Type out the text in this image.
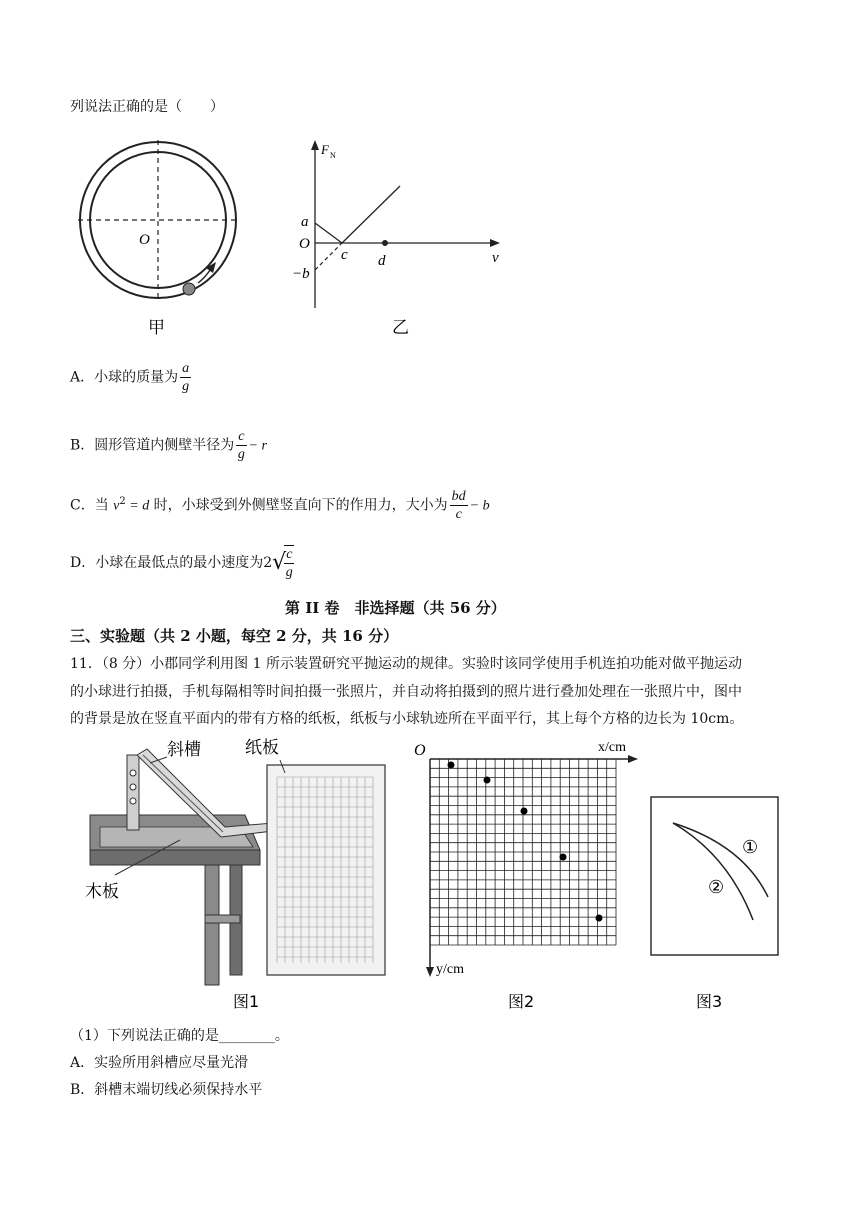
列说法正确的是（　　）
O
甲
F N
a
O
−b
c d	v
乙
A．小球的质量为 $\frac{a}{g}$
B．圆形管道内侧壁半径为 $\frac{c}{g} - r$
C．当 $v^2 = d$ 时，小球受到外侧壁竖直向下的作用力，大小为 $\frac{bd}{c} - b$
D．小球在最低点的最小速度为2√
$\frac{c}{g}$
第 II 卷　非选择题（共 56 分）
三、实验题（共 2 小题，每空 2 分，共 16 分）
11．（8 分）小郡同学利用图 1 所示装置研究平抛运动的规律。实验时该同学使用手机连拍功能对做平抛运动
的小球进行拍摄，手机每隔相等时间拍摄一张照片，并自动将拍摄到的照片进行叠加处理在一张照片中，图中
的背景是放在竖直平面内的带有方格的纸板，纸板与小球轨迹所在平面平行，其上每个方格的边长为 10cm。
斜槽	纸板
木板
图1
O	x/cm
y/cm
图2
①
②
图3
（1）下列说法正确的是________。
A．实验所用斜槽应尽量光滑
B．斜槽末端切线必须保持水平
